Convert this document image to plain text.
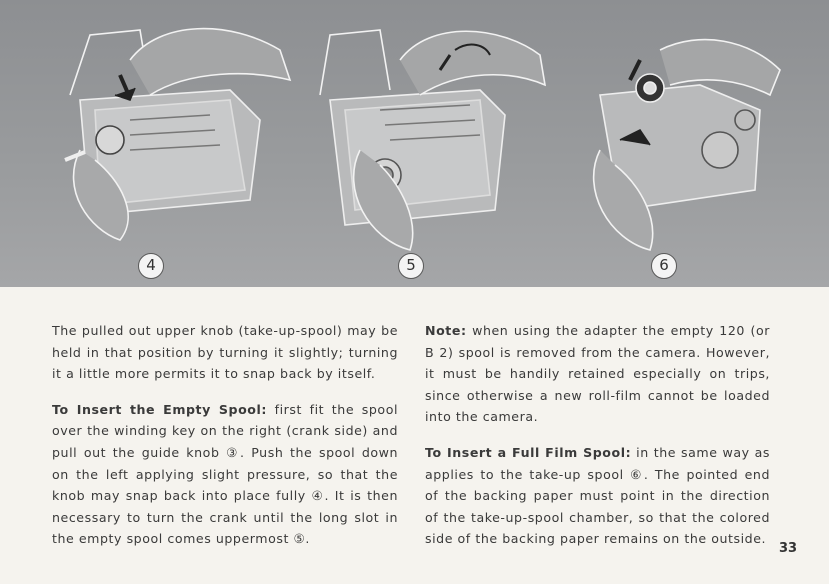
4	5	6

The pulled out upper knob (take-up-spool) may be held in that position by turning it slightly; turning it a little more permits it to snap back by itself.

To Insert the Empty Spool: first fit the spool over the winding key on the right (crank side) and pull out the guide knob ③. Push the spool down on the left applying slight pressure, so that the knob may snap back into place fully ④. It is then necessary to turn the crank until the long slot in the empty spool comes uppermost ⑤.

Note: when using the adapter the empty 120 (or B 2) spool is removed from the camera. However, it must be handily retained especially on trips, since otherwise a new roll-film cannot be loaded into the camera.

To Insert a Full Film Spool: in the same way as applies to the take-up spool ⑥. The pointed end of the backing paper must point in the direction of the take-up-spool chamber, so that the colored side of the backing paper remains on the outside.

33
